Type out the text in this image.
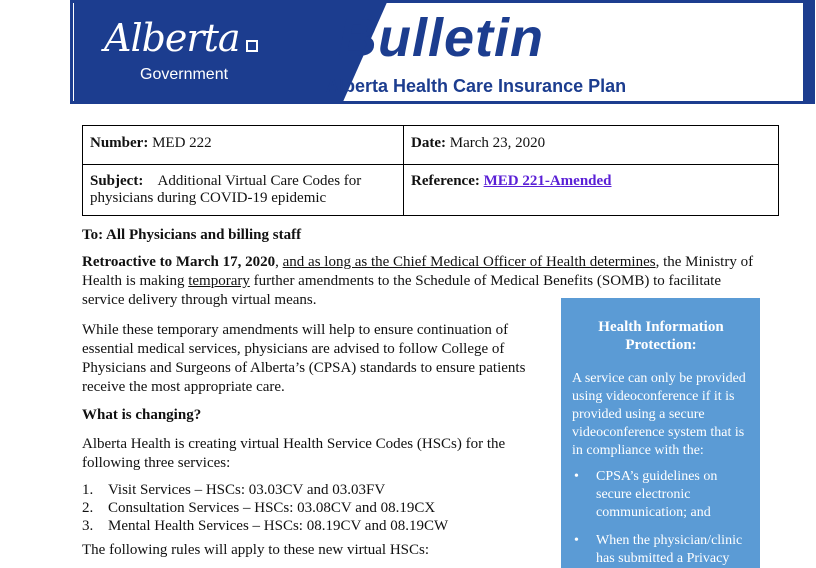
Alberta
Government
Bulletin
Alberta Health Care Insurance Plan
Number: MED 222	Date: March 23, 2020
Subject: Additional Virtual Care Codes for physicians during COVID-19 epidemic	Reference: MED 221-Amended

To: All Physicians and billing staff

Retroactive to March 17, 2020, and as long as the Chief Medical Officer of Health determines, the Ministry of Health is making temporary further amendments to the Schedule of Medical Benefits (SOMB) to facilitate service delivery through virtual means.

While these temporary amendments will help to ensure continuation of essential medical services, physicians are advised to follow College of Physicians and Surgeons of Alberta’s (CPSA) standards to ensure patients receive the most appropriate care.

What is changing?

Alberta Health is creating virtual Health Service Codes (HSCs) for the following three services:

1. Visit Services – HSCs: 03.03CV and 03.03FV
2. Consultation Services – HSCs: 03.08CV and 08.19CX
3. Mental Health Services – HSCs: 08.19CV and 08.19CW

The following rules will apply to these new virtual HSCs:

Health Information Protection:
A service can only be provided using videoconference if it is provided using a secure videoconference system that is in compliance with the:
• CPSA’s guidelines on secure electronic communication; and
• When the physician/clinic has submitted a Privacy
